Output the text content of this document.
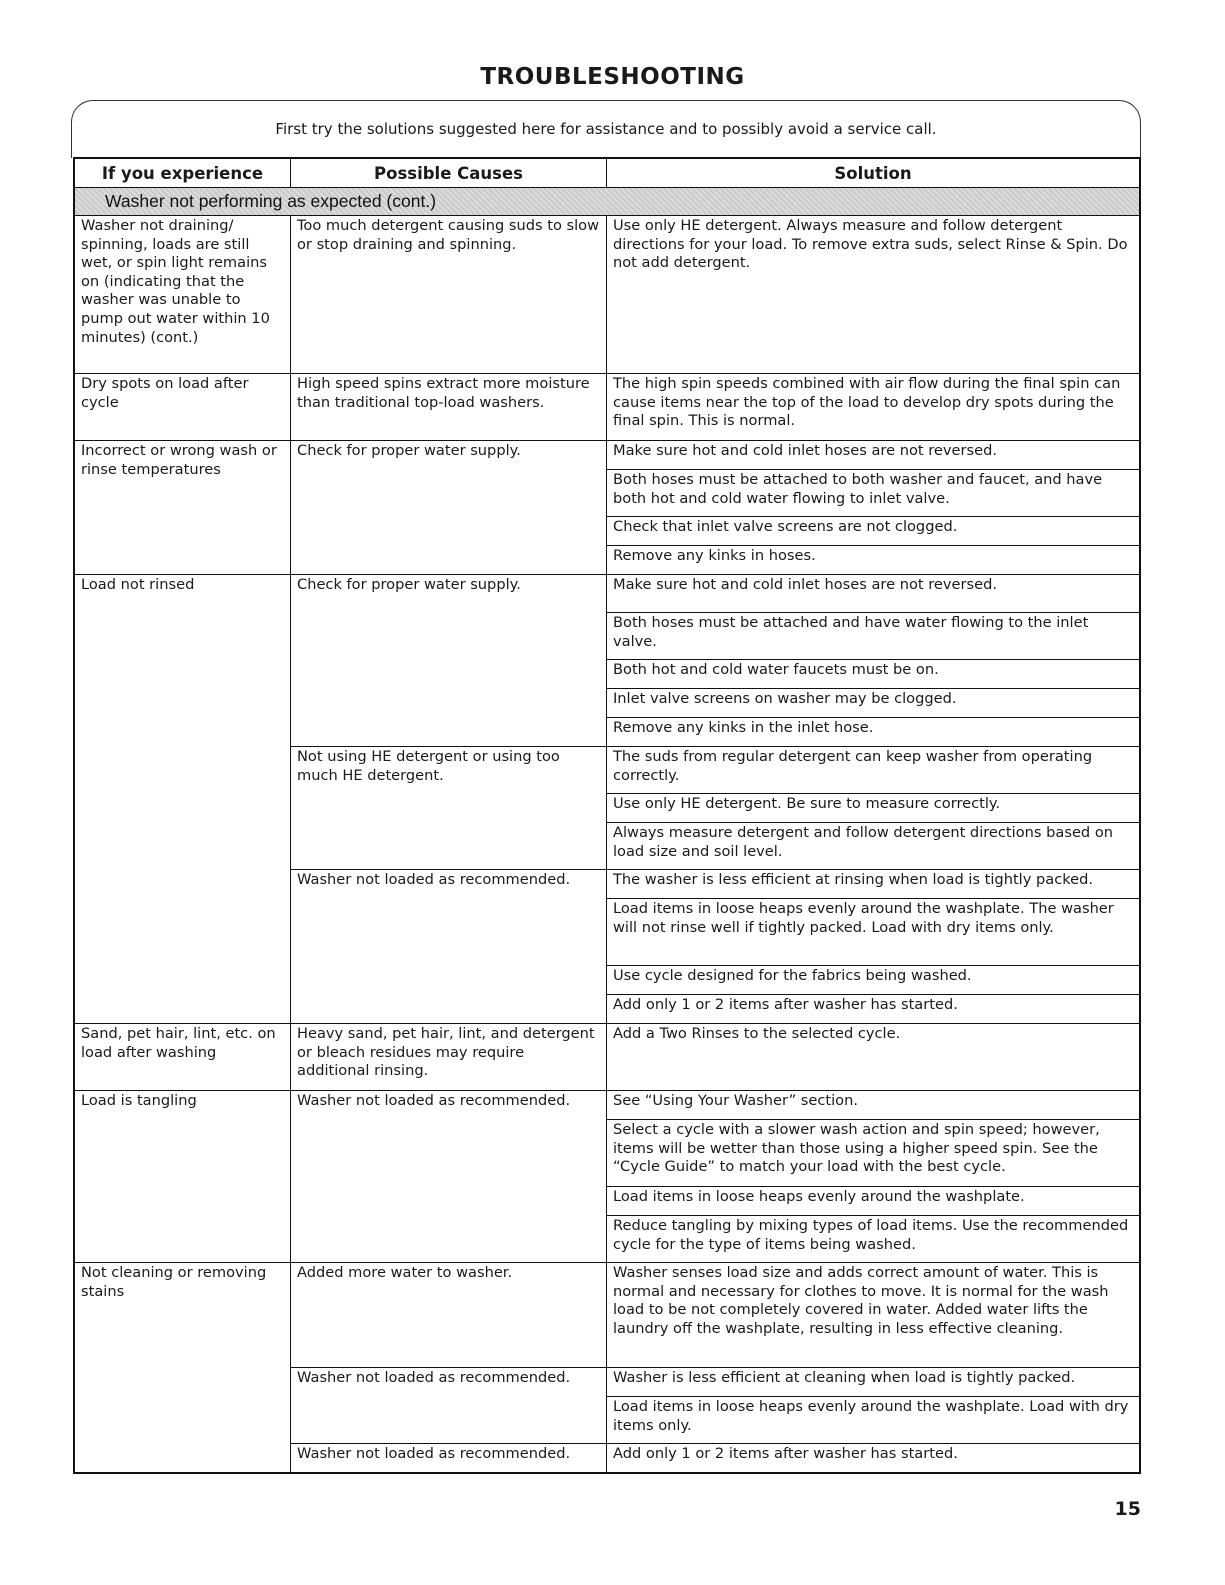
TROUBLESHOOTING
First try the solutions suggested here for assistance and to possibly avoid a service call.
If you experience	Possible Causes	Solution
Washer not performing as expected (cont.)		
Washer not draining/ spinning, loads are still wet, or spin light remains on (indicating that the washer was unable to pump out water within 10 minutes) (cont.)	Too much detergent causing suds to slow or stop draining and spinning.	Use only HE detergent. Always measure and follow detergent directions for your load. To remove extra suds, select Rinse & Spin. Do not add detergent.
Dry spots on load after cycle	High speed spins extract more moisture than traditional top-load washers.	The high spin speeds combined with air flow during the final spin can cause items near the top of the load to develop dry spots during the final spin. This is normal.
Incorrect or wrong wash or rinse temperatures	Check for proper water supply.	Make sure hot and cold inlet hoses are not reversed.
		Both hoses must be attached to both washer and faucet, and have both hot and cold water flowing to inlet valve.
		Check that inlet valve screens are not clogged.
		Remove any kinks in hoses.
Load not rinsed	Check for proper water supply.	Make sure hot and cold inlet hoses are not reversed.
		Both hoses must be attached and have water flowing to the inlet valve.
		Both hot and cold water faucets must be on.
		Inlet valve screens on washer may be clogged.
		Remove any kinks in the inlet hose.
	Not using HE detergent or using too much HE detergent.	The suds from regular detergent can keep washer from operating correctly.
		Use only HE detergent. Be sure to measure correctly.
		Always measure detergent and follow detergent directions based on load size and soil level.
	Washer not loaded as recommended.	The washer is less efficient at rinsing when load is tightly packed.
		Load items in loose heaps evenly around the washplate. The washer will not rinse well if tightly packed. Load with dry items only.
		Use cycle designed for the fabrics being washed.
		Add only 1 or 2 items after washer has started.
Sand, pet hair, lint, etc. on load after washing	Heavy sand, pet hair, lint, and detergent or bleach residues may require additional rinsing.	Add a Two Rinses to the selected cycle.
Load is tangling	Washer not loaded as recommended.	See “Using Your Washer” section.
		Select a cycle with a slower wash action and spin speed; however, items will be wetter than those using a higher speed spin. See the “Cycle Guide” to match your load with the best cycle.
		Load items in loose heaps evenly around the washplate.
		Reduce tangling by mixing types of load items. Use the recommended cycle for the type of items being washed.
Not cleaning or removing stains	Added more water to washer.	Washer senses load size and adds correct amount of water. This is normal and necessary for clothes to move. It is normal for the wash load to be not completely covered in water. Added water lifts the laundry off the washplate, resulting in less effective cleaning.
	Washer not loaded as recommended.	Washer is less efficient at cleaning when load is tightly packed.
		Load items in loose heaps evenly around the washplate. Load with dry items only.
	Washer not loaded as recommended.	Add only 1 or 2 items after washer has started.
15
